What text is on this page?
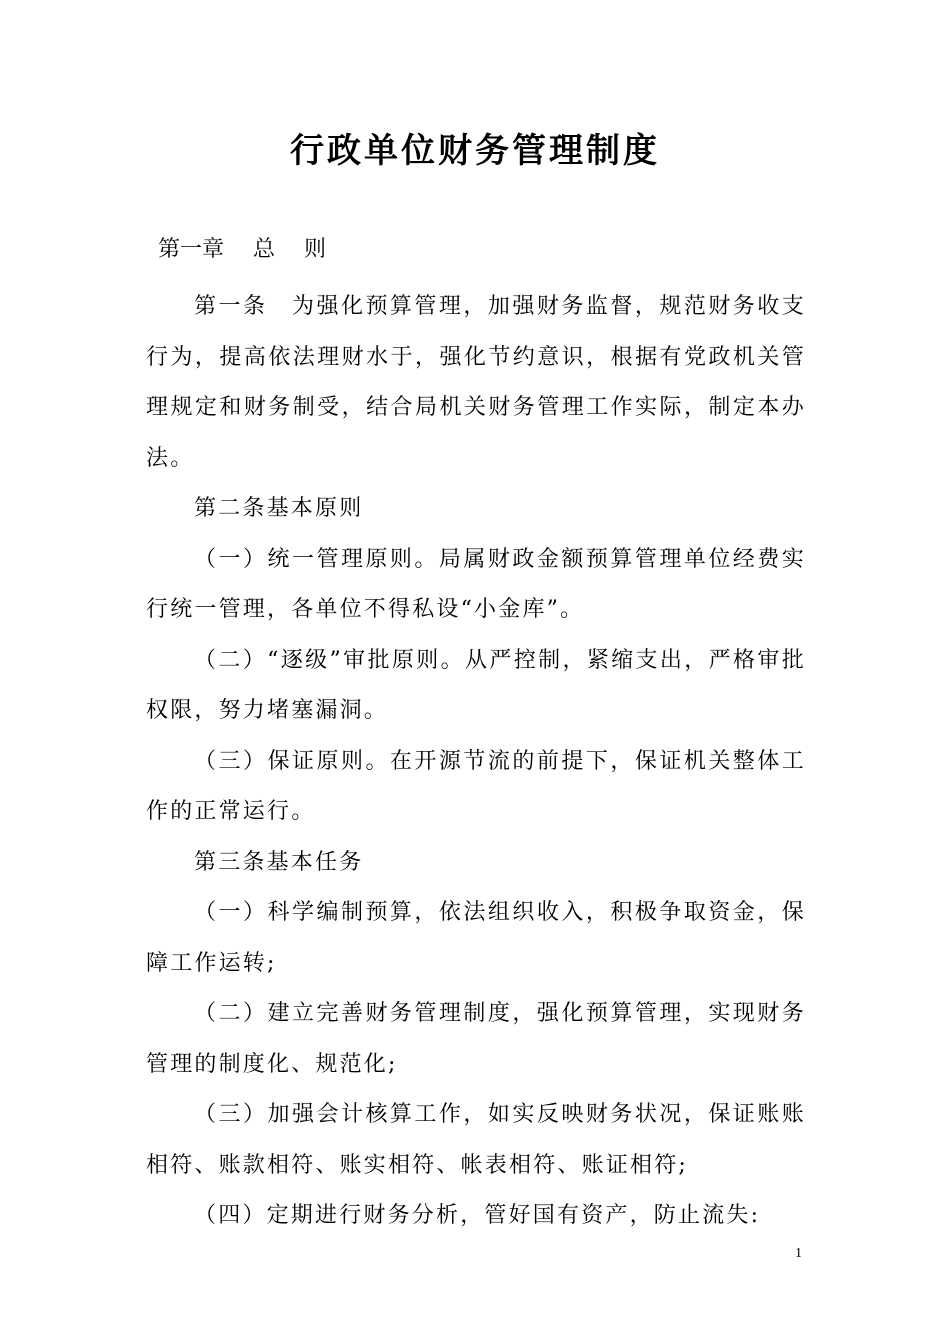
行政单位财务管理制度

第一章　 总　 则

第一条　为强化预算管理，加强财务监督，规范财务收支行为，提高依法理财水于，强化节约意识，根据有党政机关管理规定和财务制受，结合局机关财务管理工作实际，制定本办法。

第二条基本原则

（一）统一管理原则。局属财政金额预算管理单位经费实行统一管理，各单位不得私设“小金库”。

（二）“逐级”审批原则。从严控制，紧缩支出，严格审批权限，努力堵塞漏洞。

（三）保证原则。在开源节流的前提下，保证机关整体工作的正常运行。

第三条基本任务

（一）科学编制预算，依法组织收入，积极争取资金，保障工作运转;

（二）建立完善财务管理制度，强化预算管理，实现财务管理的制度化、规范化;

（三）加强会计核算工作，如实反映财务状况，保证账账相符、账款相符、账实相符、帐表相符、账证相符;

（四）定期进行财务分析，管好国有资产，防止流失:

1
